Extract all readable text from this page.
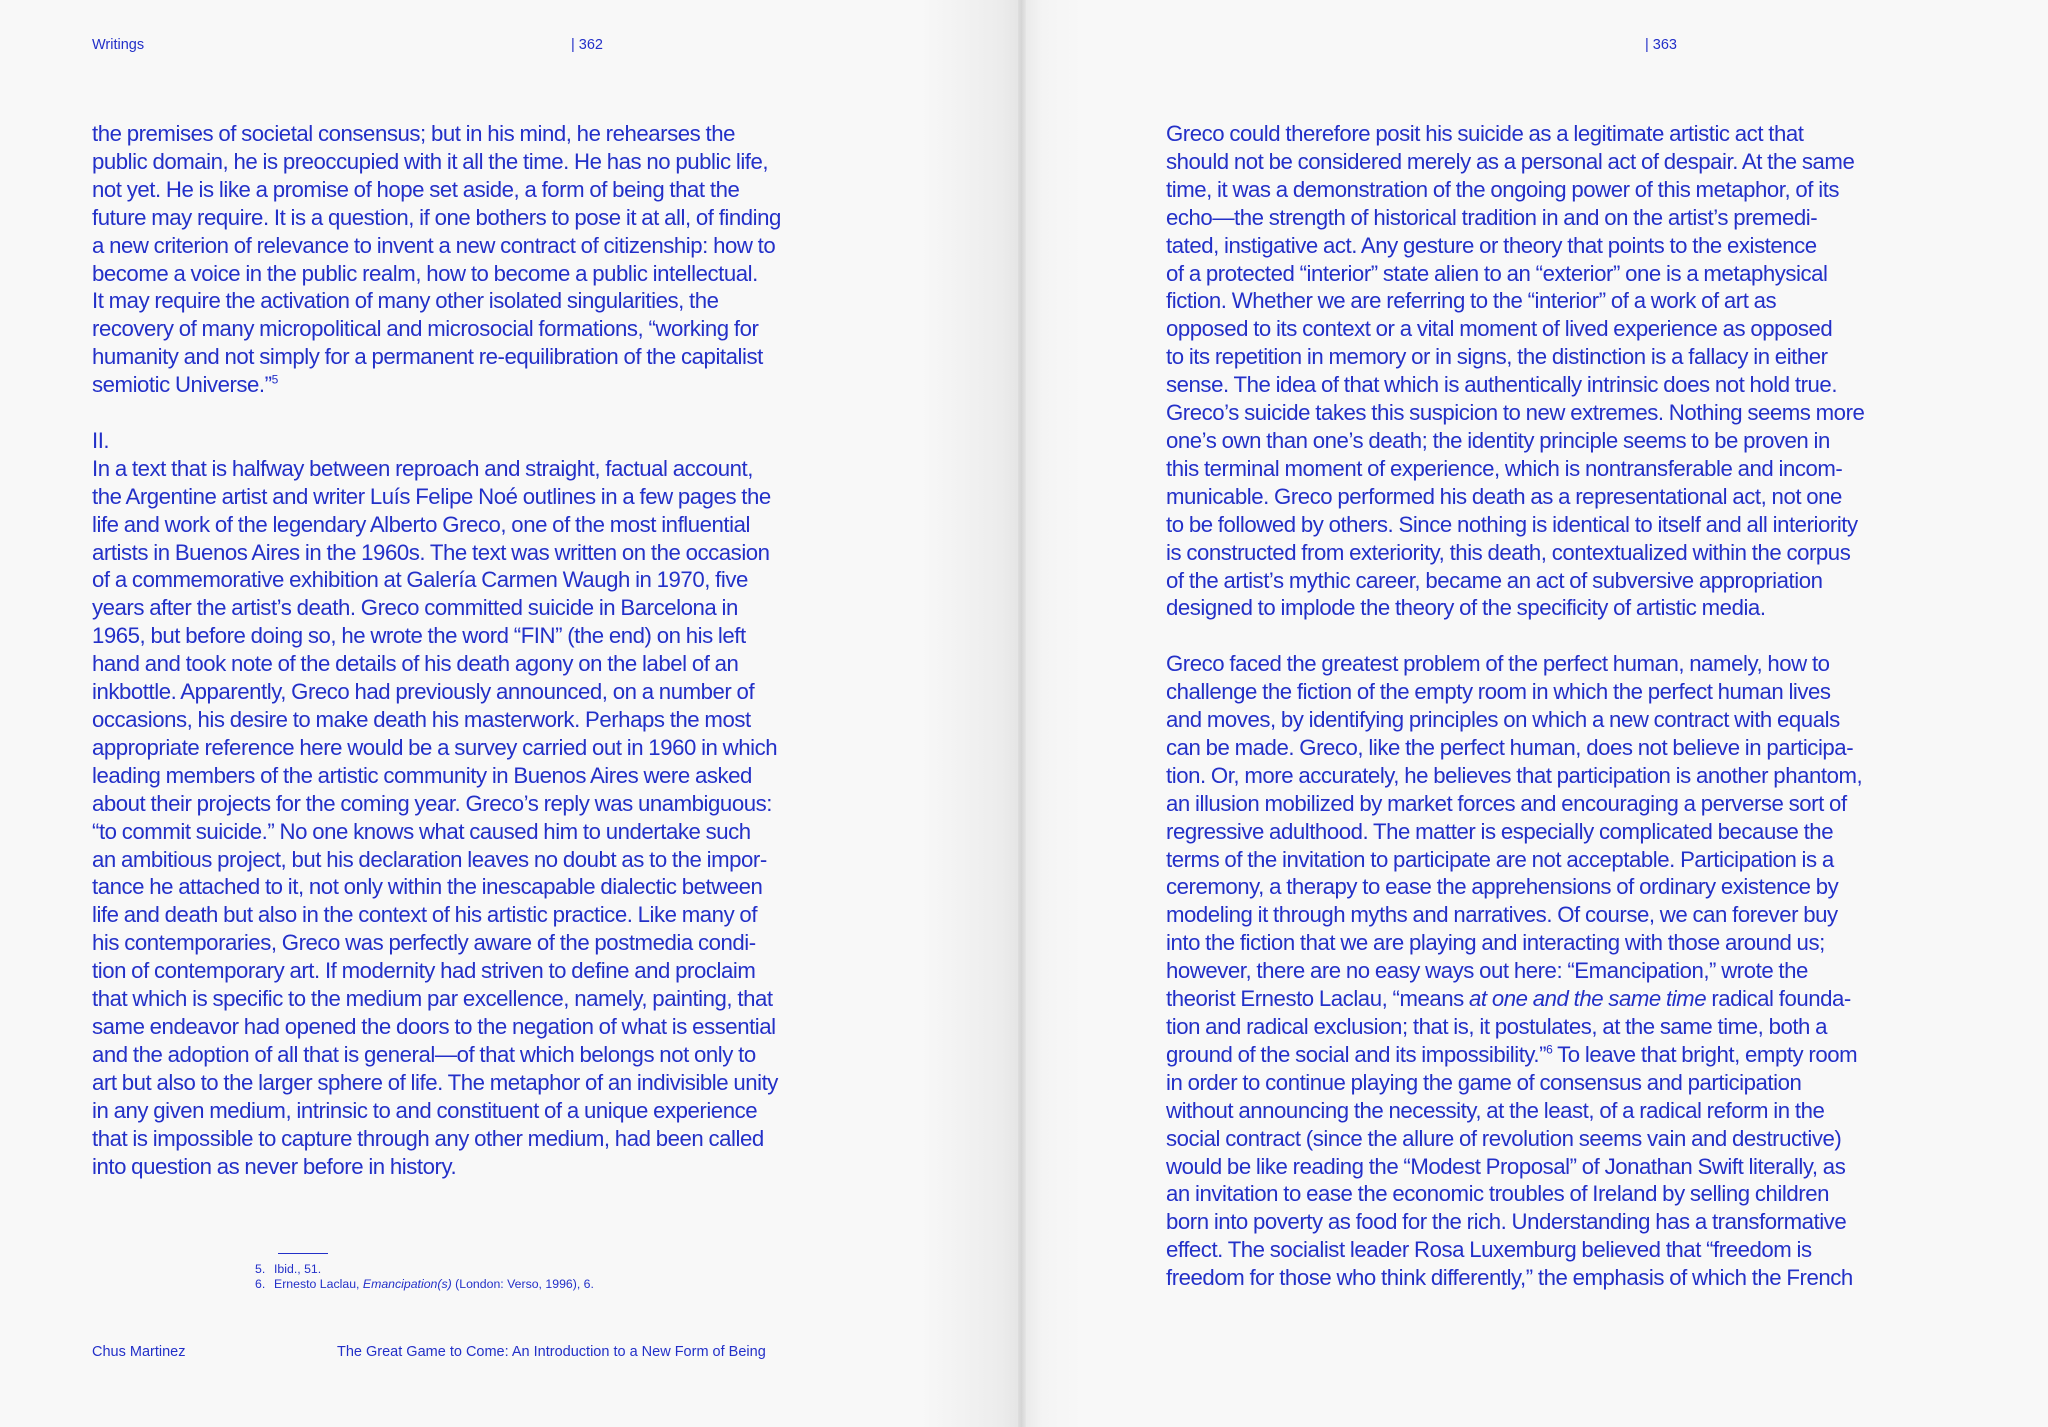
Writings	| 362

the premises of societal consensus; but in his mind, he rehearses the
public domain, he is preoccupied with it all the time. He has no public life,
not yet. He is like a promise of hope set aside, a form of being that the
future may require. It is a question, if one bothers to pose it at all, of finding
a new criterion of relevance to invent a new contract of citizenship: how to
become a voice in the public realm, how to become a public intellectual.
It may require the activation of many other isolated singularities, the
recovery of many micropolitical and microsocial formations, “working for
humanity and not simply for a permanent re-equilibration of the capitalist
semiotic Universe.”$^5$

II.
In a text that is halfway between reproach and straight, factual account,
the Argentine artist and writer Luís Felipe Noé outlines in a few pages the
life and work of the legendary Alberto Greco, one of the most influential
artists in Buenos Aires in the 1960s. The text was written on the occasion
of a commemorative exhibition at Galería Carmen Waugh in 1970, five
years after the artist’s death. Greco committed suicide in Barcelona in
1965, but before doing so, he wrote the word “FIN” (the end) on his left
hand and took note of the details of his death agony on the label of an
inkbottle. Apparently, Greco had previously announced, on a number of
occasions, his desire to make death his masterwork. Perhaps the most
appropriate reference here would be a survey carried out in 1960 in which
leading members of the artistic community in Buenos Aires were asked
about their projects for the coming year. Greco’s reply was unambiguous:
“to commit suicide.” No one knows what caused him to undertake such
an ambitious project, but his declaration leaves no doubt as to the impor-
tance he attached to it, not only within the inescapable dialectic between
life and death but also in the context of his artistic practice. Like many of
his contemporaries, Greco was perfectly aware of the postmedia condi-
tion of contemporary art. If modernity had striven to define and proclaim
that which is specific to the medium par excellence, namely, painting, that
same endeavor had opened the doors to the negation of what is essential
and the adoption of all that is general—of that which belongs not only to
art but also to the larger sphere of life. The metaphor of an indivisible unity
in any given medium, intrinsic to and constituent of a unique experience
that is impossible to capture through any other medium, had been called
into question as never before in history.

5. Ibid., 51.
6. Ernesto Laclau, Emancipation(s) (London: Verso, 1996), 6.
Chus Martinez	The Great Game to Come: An Introduction to a New Form of Being
| 363

Greco could therefore posit his suicide as a legitimate artistic act that
should not be considered merely as a personal act of despair. At the same
time, it was a demonstration of the ongoing power of this metaphor, of its
echo—the strength of historical tradition in and on the artist’s premedi-
tated, instigative act. Any gesture or theory that points to the existence
of a protected “interior” state alien to an “exterior” one is a metaphysical
fiction. Whether we are referring to the “interior” of a work of art as
opposed to its context or a vital moment of lived experience as opposed
to its repetition in memory or in signs, the distinction is a fallacy in either
sense. The idea of that which is authentically intrinsic does not hold true.
Greco’s suicide takes this suspicion to new extremes. Nothing seems more
one’s own than one’s death; the identity principle seems to be proven in
this terminal moment of experience, which is nontransferable and incom-
municable. Greco performed his death as a representational act, not one
to be followed by others. Since nothing is identical to itself and all interiority
is constructed from exteriority, this death, contextualized within the corpus
of the artist’s mythic career, became an act of subversive appropriation
designed to implode the theory of the specificity of artistic media.

Greco faced the greatest problem of the perfect human, namely, how to
challenge the fiction of the empty room in which the perfect human lives
and moves, by identifying principles on which a new contract with equals
can be made. Greco, like the perfect human, does not believe in participa-
tion. Or, more accurately, he believes that participation is another phantom,
an illusion mobilized by market forces and encouraging a perverse sort of
regressive adulthood. The matter is especially complicated because the
terms of the invitation to participate are not acceptable. Participation is a
ceremony, a therapy to ease the apprehensions of ordinary existence by
modeling it through myths and narratives. Of course, we can forever buy
into the fiction that we are playing and interacting with those around us;
however, there are no easy ways out here: “Emancipation,” wrote the
theorist Ernesto Laclau, “means at one and the same time radical founda-
tion and radical exclusion; that is, it postulates, at the same time, both a
ground of the social and its impossibility.”$^6$ To leave that bright, empty room
in order to continue playing the game of consensus and participation
without announcing the necessity, at the least, of a radical reform in the
social contract (since the allure of revolution seems vain and destructive)
would be like reading the “Modest Proposal” of Jonathan Swift literally, as
an invitation to ease the economic troubles of Ireland by selling children
born into poverty as food for the rich. Understanding has a transformative
effect. The socialist leader Rosa Luxemburg believed that “freedom is
freedom for those who think differently,” the emphasis of which the French
